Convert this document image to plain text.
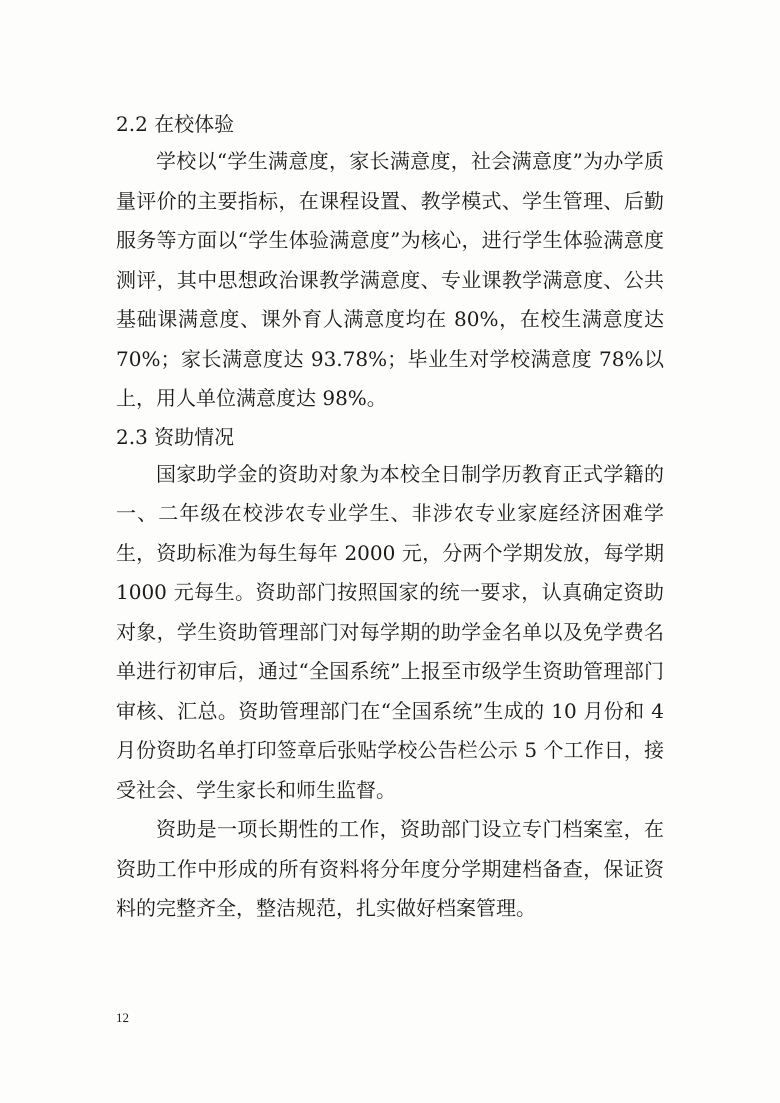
2.2 在校体验

学校以“学生满意度，家长满意度，社会满意度”为办学质量评价的主要指标，在课程设置、教学模式、学生管理、后勤服务等方面以“学生体验满意度”为核心，进行学生体验满意度测评，其中思想政治课教学满意度、专业课教学满意度、公共基础课满意度、课外育人满意度均在 80%，在校生满意度达 70%；家长满意度达 93.78%；毕业生对学校满意度 78%以上，用人单位满意度达 98%。

2.3 资助情况

国家助学金的资助对象为本校全日制学历教育正式学籍的一、二年级在校涉农专业学生、非涉农专业家庭经济困难学生，资助标准为每生每年 2000 元，分两个学期发放，每学期 1000 元每生。资助部门按照国家的统一要求，认真确定资助对象，学生资助管理部门对每学期的助学金名单以及免学费名单进行初审后，通过“全国系统”上报至市级学生资助管理部门审核、汇总。资助管理部门在“全国系统”生成的 10 月份和 4 月份资助名单打印签章后张贴学校公告栏公示 5 个工作日，接受社会、学生家长和师生监督。

资助是一项长期性的工作，资助部门设立专门档案室，在资助工作中形成的所有资料将分年度分学期建档备查，保证资料的完整齐全，整洁规范，扎实做好档案管理。

12
